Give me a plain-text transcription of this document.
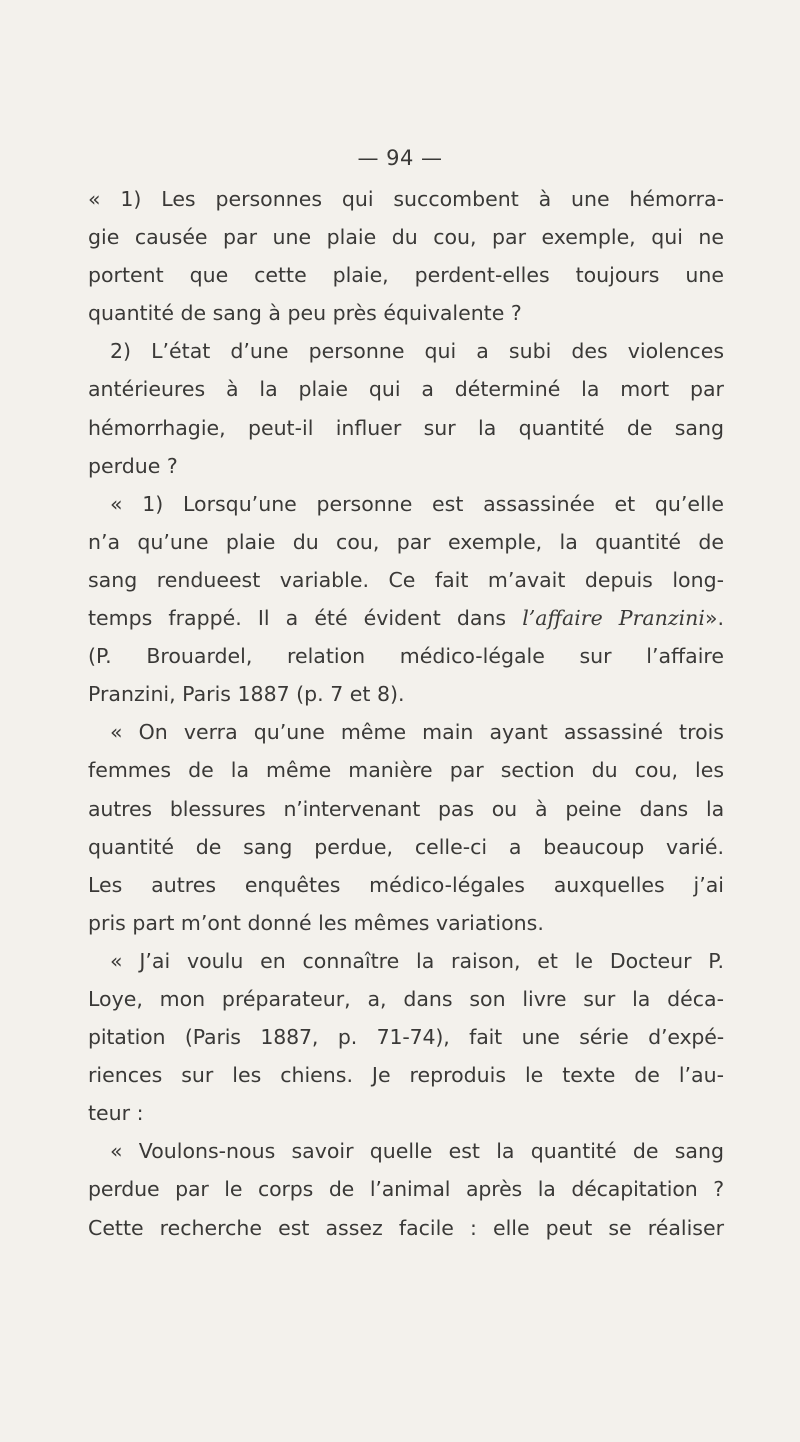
— 94 —
« 1) Les personnes qui succombent à une hémorra-
gie causée par une plaie du cou, par exemple, qui ne
portent que cette plaie, perdent-elles toujours une
quantité de sang à peu près équivalente ?
2) L’état d’une personne qui a subi des violences
antérieures à la plaie qui a déterminé la mort par
hémorrhagie, peut-il influer sur la quantité de sang
perdue ?
« 1) Lorsqu’une personne est assassinée et qu’elle
n’a qu’une plaie du cou, par exemple, la quantité de
sang rendueest variable. Ce fait m’avait depuis long-
temps frappé. Il a été évident dans l’affaire Pranzini».
(P. Brouardel, relation médico-légale sur l’affaire
Pranzini, Paris 1887 (p. 7 et 8).
« On verra qu’une même main ayant assassiné trois
femmes de la même manière par section du cou, les
autres blessures n’intervenant pas ou à peine dans la
quantité de sang perdue, celle-ci a beaucoup varié.
Les autres enquêtes médico-légales auxquelles j’ai
pris part m’ont donné les mêmes variations.
« J’ai voulu en connaître la raison, et le Docteur P.
Loye, mon préparateur, a, dans son livre sur la déca-
pitation (Paris 1887, p. 71-74), fait une série d’expé-
riences sur les chiens. Je reproduis le texte de l’au-
teur :
« Voulons-nous savoir quelle est la quantité de sang
perdue par le corps de l’animal après la décapitation ?
Cette recherche est assez facile : elle peut se réaliser
